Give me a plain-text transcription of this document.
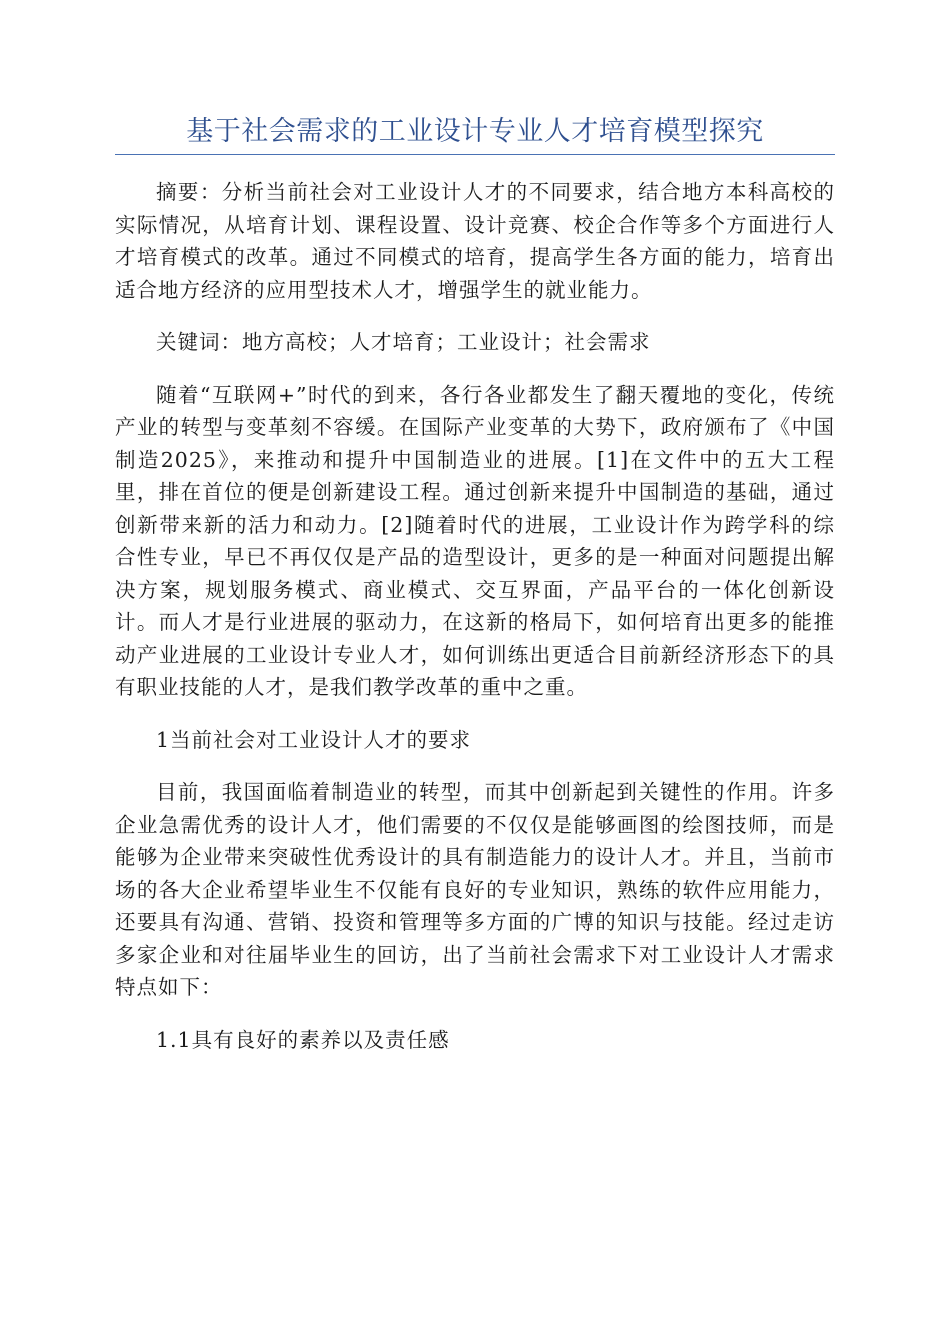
基于社会需求的工业设计专业人才培育模型探究

摘要：分析当前社会对工业设计人才的不同要求，结合地方本科高校的实际情况，从培育计划、课程设置、设计竞赛、校企合作等多个方面进行人才培育模式的改革。通过不同模式的培育，提高学生各方面的能力，培育出适合地方经济的应用型技术人才，增强学生的就业能力。

关键词：地方高校；人才培育；工业设计；社会需求

随着“互联网+”时代的到来，各行各业都发生了翻天覆地的变化，传统产业的转型与变革刻不容缓。在国际产业变革的大势下，政府颁布了《中国制造2025》，来推动和提升中国制造业的进展。[1]在文件中的五大工程里，排在首位的便是创新建设工程。通过创新来提升中国制造的基础，通过创新带来新的活力和动力。[2]随着时代的进展，工业设计作为跨学科的综合性专业，早已不再仅仅是产品的造型设计，更多的是一种面对问题提出解决方案，规划服务模式、商业模式、交互界面，产品平台的一体化创新设计。而人才是行业进展的驱动力，在这新的格局下，如何培育出更多的能推动产业进展的工业设计专业人才，如何训练出更适合目前新经济形态下的具有职业技能的人才，是我们教学改革的重中之重。

1当前社会对工业设计人才的要求

目前，我国面临着制造业的转型，而其中创新起到关键性的作用。许多企业急需优秀的设计人才，他们需要的不仅仅是能够画图的绘图技师，而是能够为企业带来突破性优秀设计的具有制造能力的设计人才。并且，当前市场的各大企业希望毕业生不仅能有良好的专业知识，熟练的软件应用能力，还要具有沟通、营销、投资和管理等多方面的广博的知识与技能。经过走访多家企业和对往届毕业生的回访，出了当前社会需求下对工业设计人才需求特点如下：

1.1具有良好的素养以及责任感
